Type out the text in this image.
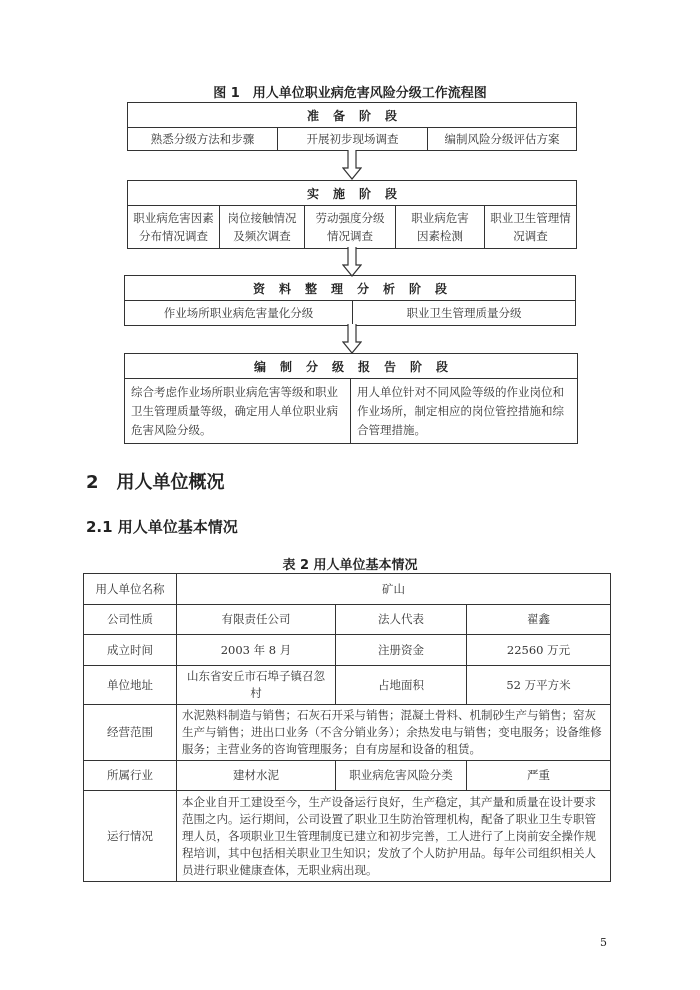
图 1　用人单位职业病危害风险分级工作流程图
准备阶段
熟悉分级方法和步骤	开展初步现场调查	编制风险分级评估方案
实施阶段
职业病危害因素分布情况调查
岗位接触情况及频次调查
劳动强度分级情况调查
职业病危害因素检测
职业卫生管理情况调查
资料整理分析阶段
作业场所职业病危害量化分级	职业卫生管理质量分级
编制分级报告阶段
综合考虑作业场所职业病危害等级和职业卫生管理质量等级，确定用人单位职业病危害风险分级。
用人单位针对不同风险等级的作业岗位和作业场所，制定相应的岗位管控措施和综合管理措施。
2　用人单位概况
2.1 用人单位基本情况
表 2 用人单位基本情况
用人单位名称	矿山		
公司性质	有限责任公司	法人代表	翟鑫
成立时间	2003 年 8 月	注册资金	22560 万元
单位地址	山东省安丘市石埠子镇召忽村	占地面积	52 万平方米
经营范围	水泥熟料制造与销售；石灰石开采与销售；混凝土骨料、机制砂生产与销售；窑灰生产与销售；进出口业务（不含分销业务）；余热发电与销售；变电服务；设备维修服务；主营业务的咨询管理服务；自有房屋和设备的租赁。		
所属行业	建材水泥	职业病危害风险分类	严重
运行情况	本企业自开工建设至今，生产设备运行良好，生产稳定，其产量和质量在设计要求范围之内。运行期间，公司设置了职业卫生防治管理机构，配备了职业卫生专职管理人员，各项职业卫生管理制度已建立和初步完善，工人进行了上岗前安全操作规程培训，其中包括相关职业卫生知识；发放了个人防护用品。每年公司组织相关人员进行职业健康查体，无职业病出现。		
5
